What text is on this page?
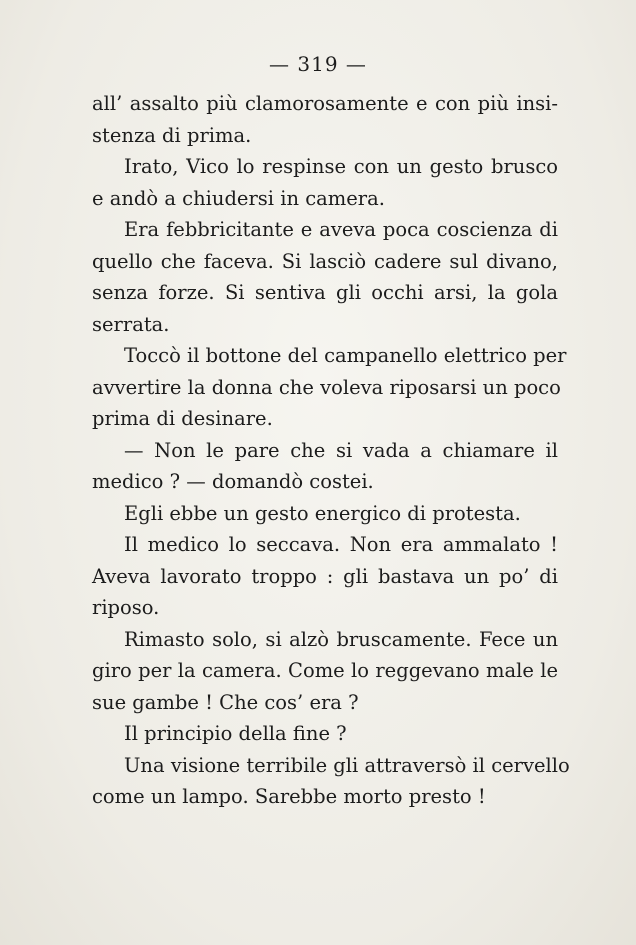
— 319 —
all’ assalto più clamorosamente e con più insi-
stenza di prima.
Irato, Vico lo respinse con un gesto brusco
e andò a chiudersi in camera.
Era febbricitante e aveva poca coscienza di
quello che faceva. Si lasciò cadere sul divano,
senza forze. Si sentiva gli occhi arsi, la gola
serrata.
Toccò il bottone del campanello elettrico per
avvertire la donna che voleva riposarsi un poco
prima di desinare.
— Non le pare che si vada a chiamare il
medico ? — domandò costei.
Egli ebbe un gesto energico di protesta.
Il medico lo seccava. Non era ammalato !
Aveva lavorato troppo : gli bastava un po’ di
riposo.
Rimasto solo, si alzò bruscamente. Fece un
giro per la camera. Come lo reggevano male le
sue gambe ! Che cos’ era ?
Il principio della fine ?
Una visione terribile gli attraversò il cervello
come un lampo. Sarebbe morto presto !
